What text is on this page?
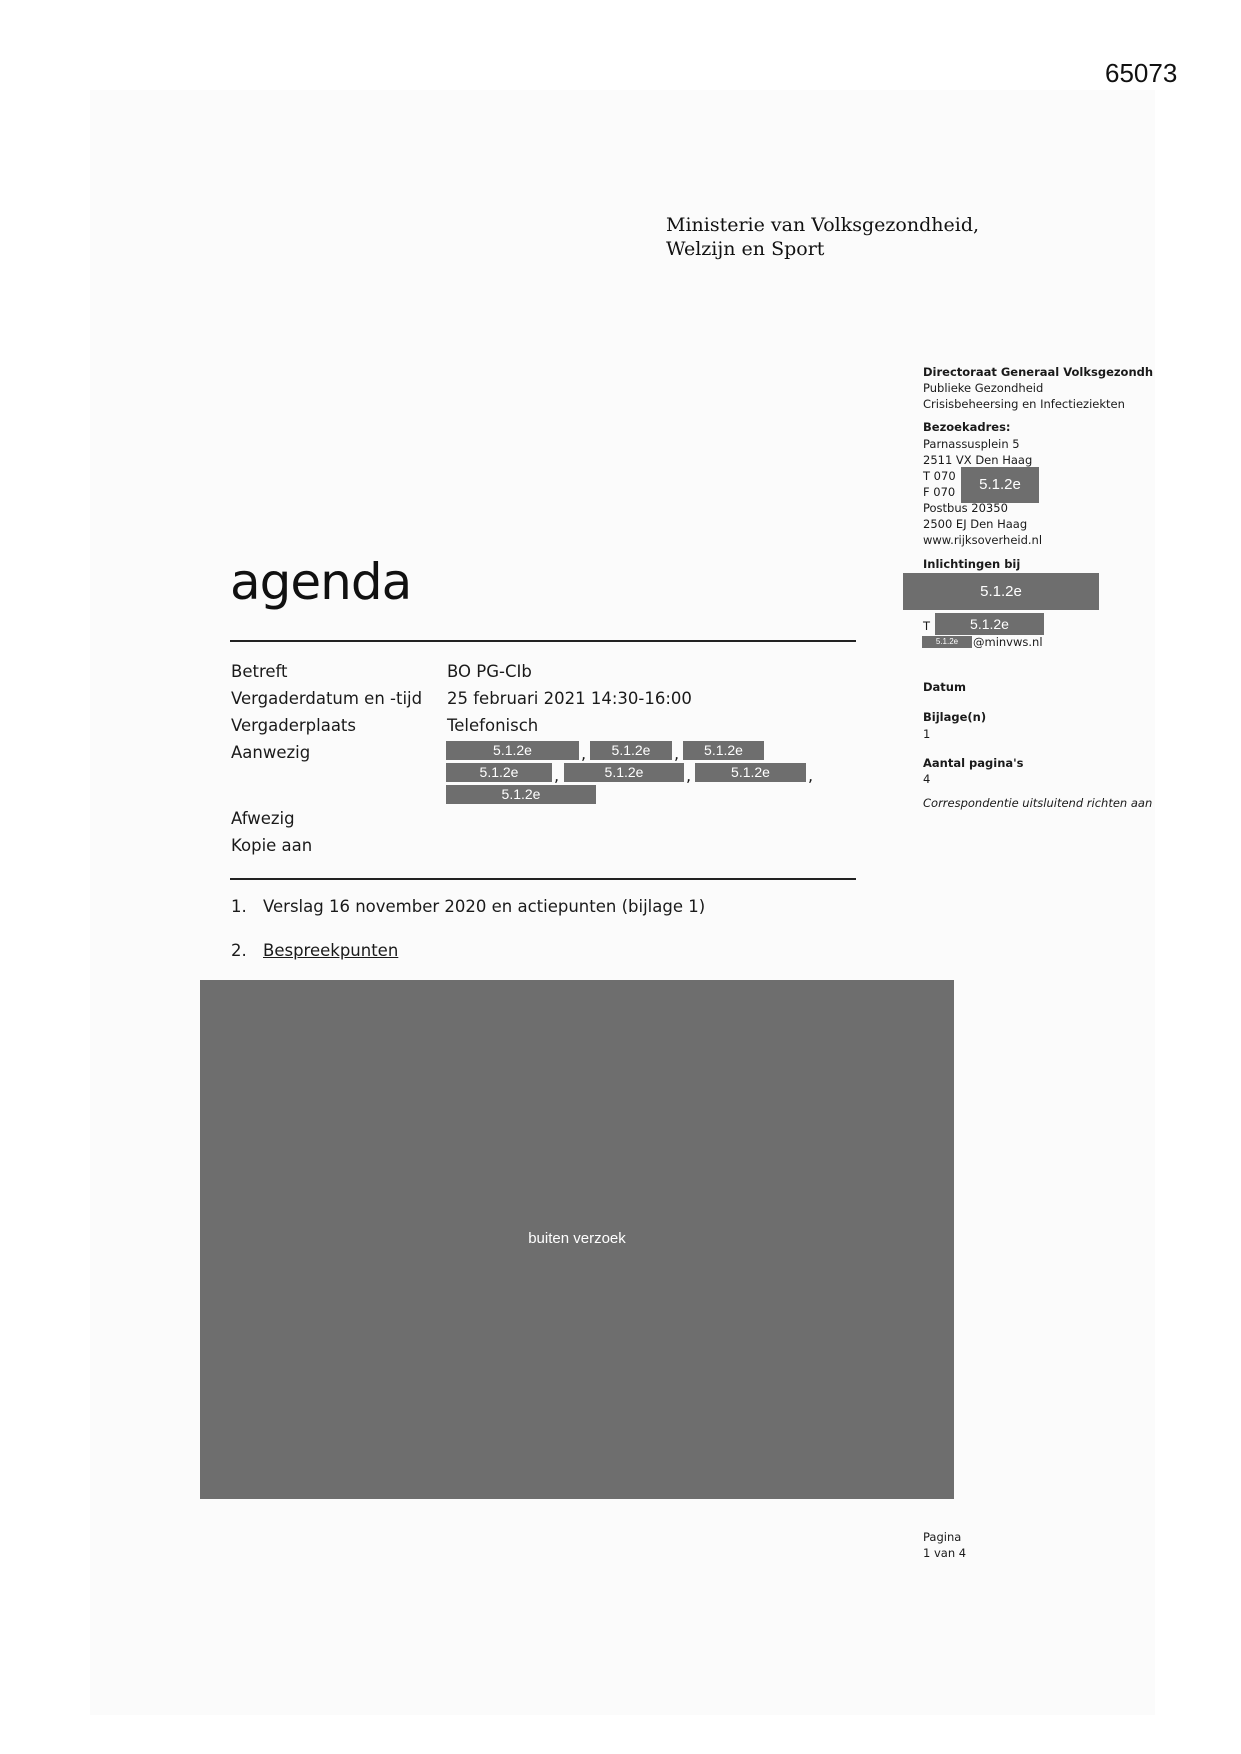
65073
Ministerie van Volksgezondheid,
Welzijn en Sport
agenda
Betreft	BO PG-CIb
Vergaderdatum en -tijd 25 februari 2021 14:30-16:00
Vergaderplaats	Telefonisch
Aanwezig	5.1.2e	,	5.1.2e	,	5.1.2e
5.1.2e	,	5.1.2e	,	5.1.2e	,
5.1.2e
Afwezig
Kopie aan
1. Verslag 16 november 2020 en actiepunten (bijlage 1)
2. Bespreekpunten
buiten verzoek
Directoraat Generaal Volksgezondh
Publieke Gezondheid
Crisisbeheersing en Infectieziekten
Bezoekadres:
Parnassusplein 5
2511 VX Den Haag
T 070
F 070	5.1.2e
Postbus 20350
2500 EJ Den Haag
www.rijksoverheid.nl
Inlichtingen bij
5.1.2e
T	5.1.2e
5.1.2e	@minvws.nl
Datum
Bijlage(n)
1
Aantal pagina's
4
Correspondentie uitsluitend richten aan
Pagina
1 van 4
